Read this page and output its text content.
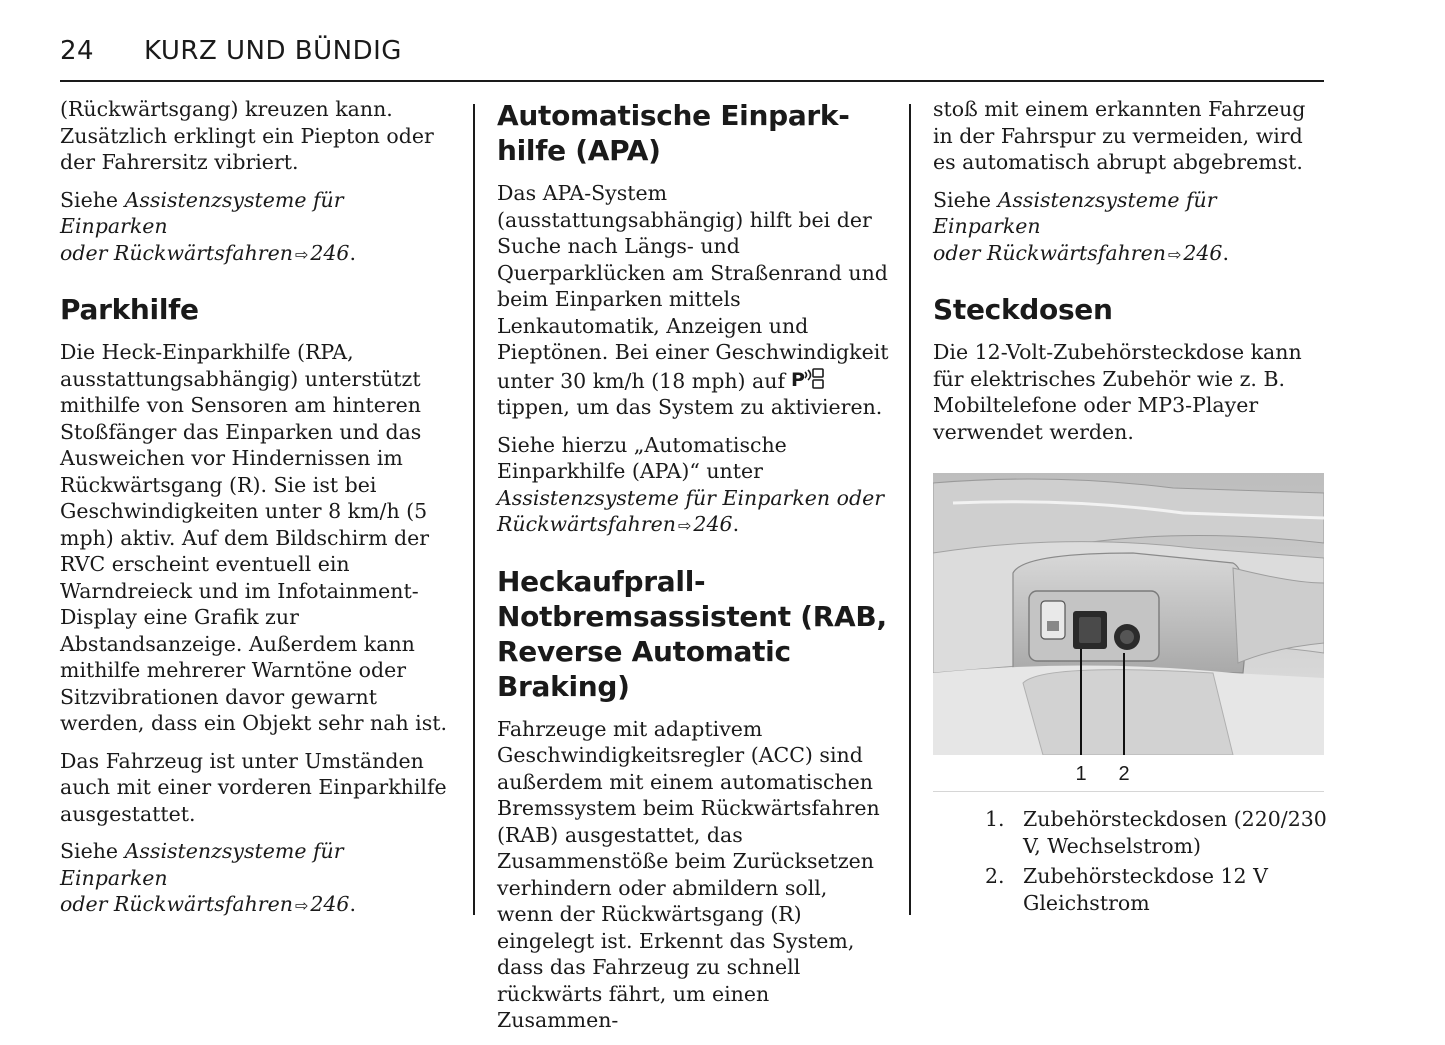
24 KURZ UND BÜNDIG

(Rückwärtsgang) kreuzen kann. Zusätzlich erklingt ein Piepton oder der Fahrersitz vibriert.

Siehe Assistenzsysteme für Einparken
oder Rückwärtsfahren ⇨246.

Parkhilfe

Die Heck-Einparkhilfe (RPA, ausstattungsabhängig) unterstützt mithilfe von Sensoren am hinteren Stoßfänger das Einparken und das Ausweichen vor Hindernissen im Rückwärtsgang (R). Sie ist bei Geschwindigkeiten unter 8 km/h (5 mph) aktiv. Auf dem Bildschirm der RVC erscheint eventuell ein Warndreieck und im Infotainment-Display eine Grafik zur Abstandsanzeige. Außerdem kann mithilfe mehrerer Warntöne oder Sitzvibrationen davor gewarnt werden, dass ein Objekt sehr nah ist.

Das Fahrzeug ist unter Umständen auch mit einer vorderen Einparkhilfe ausgestattet.

Siehe Assistenzsysteme für Einparken
oder Rückwärtsfahren ⇨246.

Automatische Einpark-hilfe (APA)

Das APA-System (ausstattungsabhängig) hilft bei der Suche nach Längs- und Querparklücken am Straßenrand und beim Einparken mittels Lenkautomatik, Anzeigen und Pieptönen. Bei einer Geschwindigkeit unter 30 km/h (18 mph) auf P
tippen, um das System zu aktivieren.

Siehe hierzu „Automatische Einparkhilfe (APA)“ unter Assistenzsysteme für Einparken oder Rückwärtsfahren ⇨246.

Heckaufprall-Notbremsassistent (RAB, Reverse Automatic Braking)

Fahrzeuge mit adaptivem Geschwindigkeitsregler (ACC) sind außerdem mit einem automatischen Bremssystem beim Rückwärtsfahren (RAB) ausgestattet, das Zusammenstöße beim Zurücksetzen verhindern oder abmildern soll, wenn der Rückwärtsgang (R) eingelegt ist. Erkennt das System, dass das Fahrzeug zu schnell rückwärts fährt, um einen Zusammen-

stoß mit einem erkannten Fahrzeug in der Fahrspur zu vermeiden, wird es automatisch abrupt abgebremst.

Siehe Assistenzsysteme für Einparken
oder Rückwärtsfahren ⇨246.

Steckdosen

Die 12-Volt-Zubehörsteckdose kann für elektrisches Zubehör wie z. B. Mobiltelefone oder MP3-Player verwendet werden.

1 2
1. Zubehörsteckdosen (220/230 V, Wechselstrom)
2. Zubehörsteckdose 12 V Gleichstrom
